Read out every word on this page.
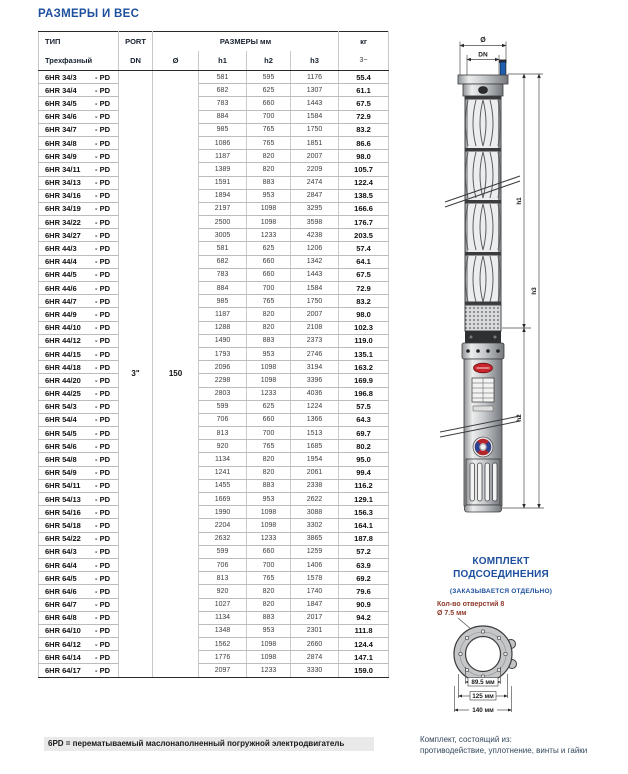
РАЗМЕРЫ И ВЕС
ТИП	PORT	РАЗМЕРЫ мм				кг
Трехфазный	DN	Ø	h1	h2	h3	3~
6HR 34/3 - PD	3"	150	581	595	1176	55.4
6HR 34/4 - PD			682	625	1307	61.1
6HR 34/5 - PD			783	660	1443	67.5
6HR 34/6 - PD			884	700	1584	72.9
6HR 34/7 - PD			985	765	1750	83.2
6HR 34/8 - PD			1086	765	1851	86.6
6HR 34/9 - PD			1187	820	2007	98.0
6HR 34/11 - PD			1389	820	2209	105.7
6HR 34/13 - PD			1591	883	2474	122.4
6HR 34/16 - PD			1894	953	2847	138.5
6HR 34/19 - PD			2197	1098	3295	166.6
6HR 34/22 - PD			2500	1098	3598	176.7
6HR 34/27 - PD			3005	1233	4238	203.5
6HR 44/3 - PD			581	625	1206	57.4
6HR 44/4 - PD			682	660	1342	64.1
6HR 44/5 - PD			783	660	1443	67.5
6HR 44/6 - PD			884	700	1584	72.9
6HR 44/7 - PD			985	765	1750	83.2
6HR 44/9 - PD			1187	820	2007	98.0
6HR 44/10 - PD			1288	820	2108	102.3
6HR 44/12 - PD			1490	883	2373	119.0
6HR 44/15 - PD			1793	953	2746	135.1
6HR 44/18 - PD			2096	1098	3194	163.2
6HR 44/20 - PD			2298	1098	3396	169.9
6HR 44/25 - PD			2803	1233	4036	196.8
6HR 54/3 - PD			599	625	1224	57.5
6HR 54/4 - PD			706	660	1366	64.3
6HR 54/5 - PD			813	700	1513	69.7
6HR 54/6 - PD			920	765	1685	80.2
6HR 54/8 - PD			1134	820	1954	95.0
6HR 54/9 - PD			1241	820	2061	99.4
6HR 54/11 - PD			1455	883	2338	116.2
6HR 54/13 - PD			1669	953	2622	129.1
6HR 54/16 - PD			1990	1098	3088	156.3
6HR 54/18 - PD			2204	1098	3302	164.1
6HR 54/22 - PD			2632	1233	3865	187.8
6HR 64/3 - PD			599	660	1259	57.2
6HR 64/4 - PD			706	700	1406	63.9
6HR 64/5 - PD			813	765	1578	69.2
6HR 64/6 - PD			920	820	1740	79.6
6HR 64/7 - PD			1027	820	1847	90.9
6HR 64/8 - PD			1134	883	2017	94.2
6HR 64/10 - PD			1348	953	2301	111.8
6HR 64/12 - PD			1562	1098	2660	124.4
6HR 64/14 - PD			1776	1098	2874	147.1
6HR 64/17 - PD			2097	1233	3330	159.0
6PD = перематываемый маслонаполненный погружной электродвигатель
Ø
DN
h1
h2
h3
КОМПЛЕКТ
ПОДСОЕДИНЕНИЯ
(ЗАКАЗЫВАЕТСЯ ОТДЕЛЬНО)
Кол-во отверстий 8
Ø 7.5 мм
89.5 мм
125 мм
140 мм
Комплект, состоящий из:
противодействие, уплотнение, винты и гайки
